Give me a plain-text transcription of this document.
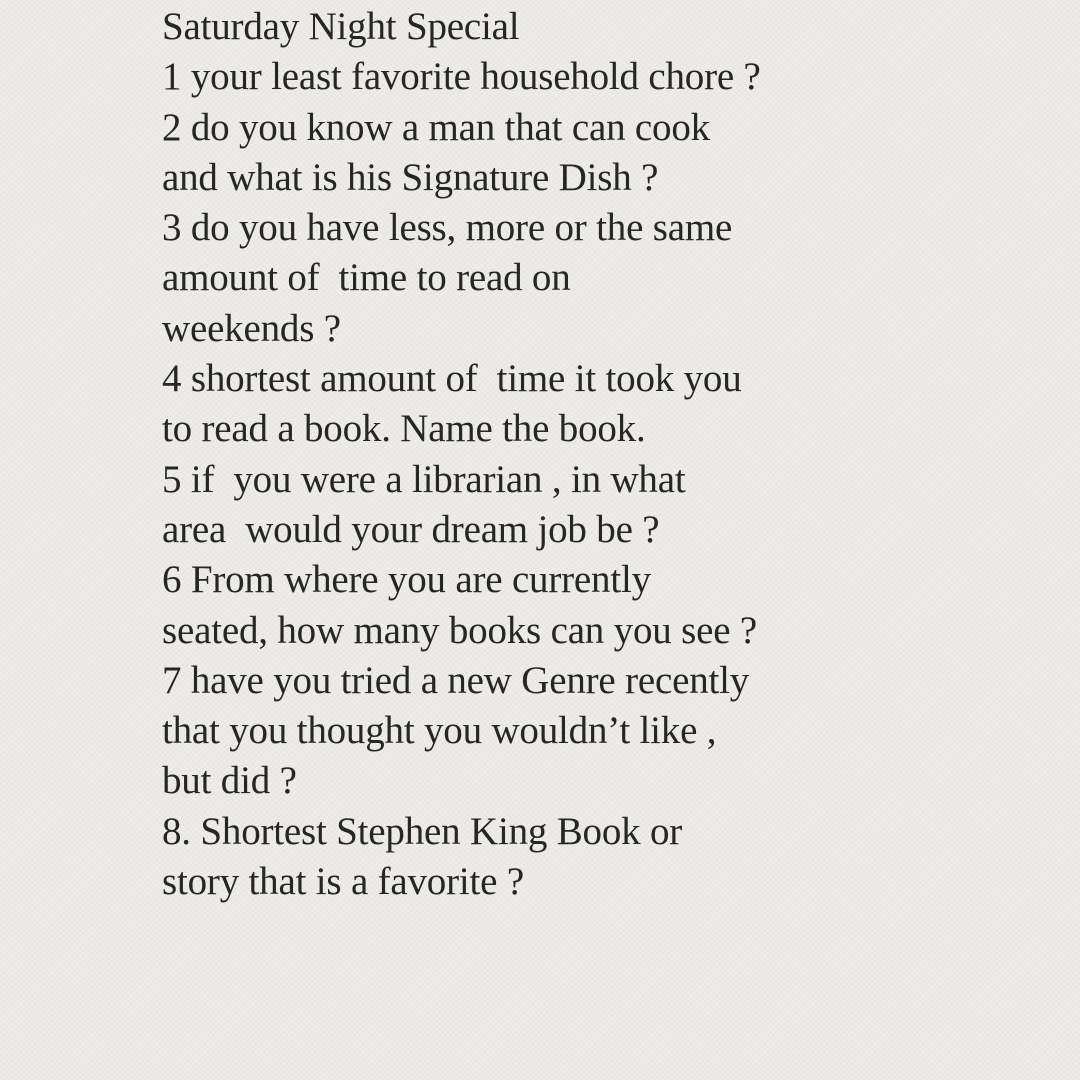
Saturday Night Special
1 your least favorite household chore ?
2 do you know a man that can cook
and what is his Signature Dish ?
3 do you have less, more or the same
amount of  time to read on
weekends ?
4 shortest amount of  time it took you
to read a book. Name the book.
5 if  you were a librarian , in what
area  would your dream job be ?
6 From where you are currently
seated, how many books can you see ?
7 have you tried a new Genre recently
that you thought you wouldn’t like ,
but did ?
8. Shortest Stephen King Book or
story that is a favorite ?
